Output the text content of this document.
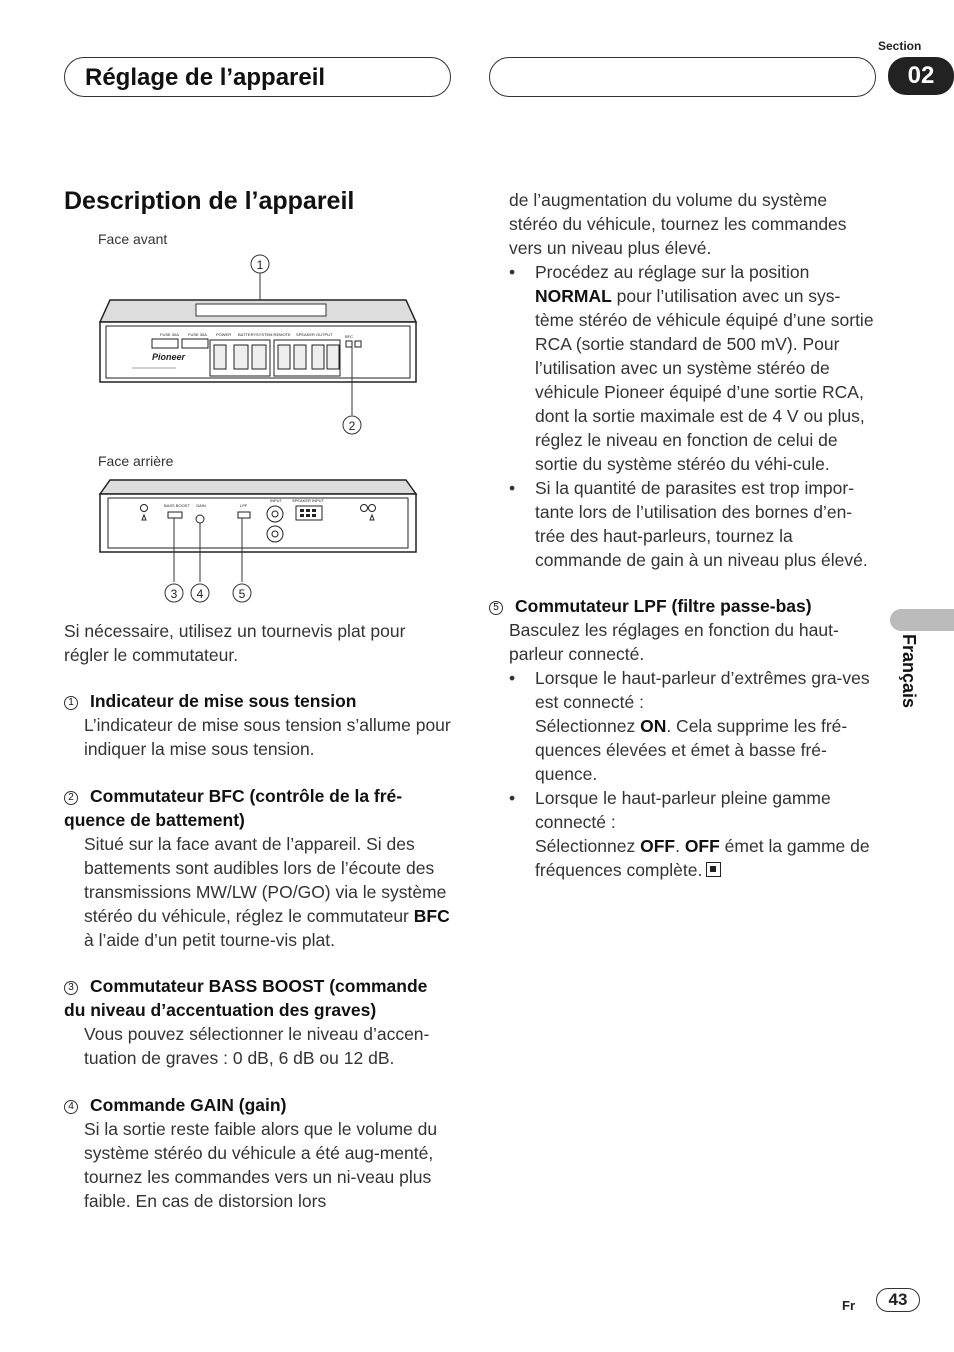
Réglage de l’appareil
Section
02
Description de l’appareil
Face avant
1
FUSE 30A FUSE 30A
Pioneer
POWER BATTERY SYSTEM REMOTE SPEAKER OUTPUT	BFC
2
Face arrière
BASS BOOST GAIN	LPF
INPUT	SPEAKER INPUT
3 4	5

Si nécessaire, utilisez un tournevis plat pour régler le commutateur.

1 Indicateur de mise sous tension

L’indicateur de mise sous tension s’allume pour indiquer la mise sous tension.

2 Commutateur BFC (contrôle de la fré-quence de battement)

Situé sur la face avant de l’appareil. Si des battements sont audibles lors de l’écoute des transmissions MW/LW (PO/GO) via le système stéréo du véhicule, réglez le commutateur BFC à l’aide d’un petit tourne-vis plat.

3 Commutateur BASS BOOST (commande du niveau d’accentuation des graves)

Vous pouvez sélectionner le niveau d’accen-tuation de graves : 0 dB, 6 dB ou 12 dB.

4 Commande GAIN (gain)

Si la sortie reste faible alors que le volume du système stéréo du véhicule a été aug-menté, tournez les commandes vers un ni-veau plus faible. En cas de distorsion lors

de l’augmentation du volume du système stéréo du véhicule, tournez les commandes vers un niveau plus élevé.

• Procédez au réglage sur la position NORMAL pour l’utilisation avec un sys-tème stéréo de véhicule équipé d’une sortie RCA (sortie standard de 500 mV). Pour l’utilisation avec un système stéréo de véhicule Pioneer équipé d’une sortie RCA, dont la sortie maximale est de 4 V ou plus, réglez le niveau en fonction de celui de sortie du système stéréo du véhi-cule.

• Si la quantité de parasites est trop impor-tante lors de l’utilisation des bornes d’en-trée des haut-parleurs, tournez la commande de gain à un niveau plus élevé.

5 Commutateur LPF (filtre passe-bas)

Basculez les réglages en fonction du haut-parleur connecté.

• Lorsque le haut-parleur d’extrêmes gra-ves est connecté :
Sélectionnez ON. Cela supprime les fré-quences élevées et émet à basse fré-quence.
• Lorsque le haut-parleur pleine gamme connecté :
Sélectionnez OFF. OFF émet la gamme de fréquences complète.
Français
Fr	43
